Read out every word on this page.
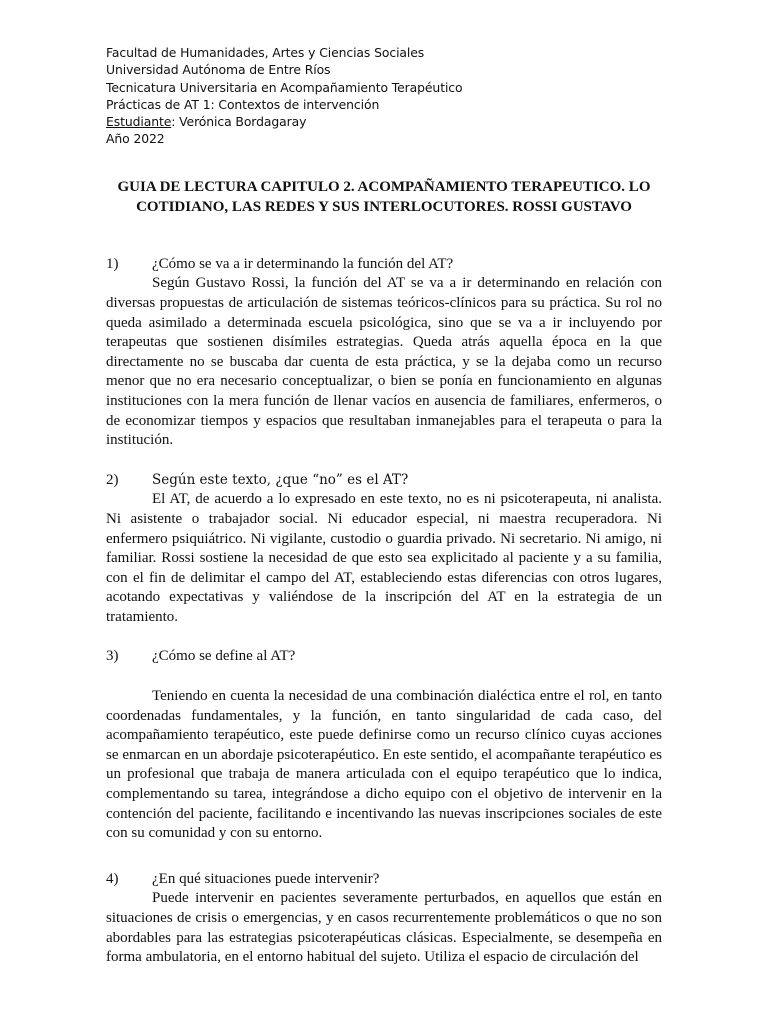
Facultad de Humanidades, Artes y Ciencias Sociales
Universidad Autónoma de Entre Ríos
Tecnicatura Universitaria en Acompañamiento Terapéutico
Prácticas de AT 1: Contextos de intervención
Estudiante: Verónica Bordagaray
Año 2022
GUIA DE LECTURA CAPITULO 2. ACOMPAÑAMIENTO TERAPEUTICO. LO COTIDIANO, LAS REDES Y SUS INTERLOCUTORES. ROSSI GUSTAVO
1)	¿Cómo se va a ir determinando la función del AT?

Según Gustavo Rossi, la función del AT se va a ir determinando en relación con diversas propuestas de articulación de sistemas teóricos-clínicos para su práctica. Su rol no queda asimilado a determinada escuela psicológica, sino que se va a ir incluyendo por terapeutas que sostienen disímiles estrategias. Queda atrás aquella época en la que directamente no se buscaba dar cuenta de esta práctica, y se la dejaba como un recurso menor que no era necesario conceptualizar, o bien se ponía en funcionamiento en algunas instituciones con la mera función de llenar vacíos en ausencia de familiares, enfermeros, o de economizar tiempos y espacios que resultaban inmanejables para el terapeuta o para la institución.

2)	Según este texto, ¿que “no” es el AT?

El AT, de acuerdo a lo expresado en este texto, no es ni psicoterapeuta, ni analista. Ni asistente o trabajador social. Ni educador especial, ni maestra recuperadora. Ni enfermero psiquiátrico. Ni vigilante, custodio o guardia privado. Ni secretario. Ni amigo, ni familiar. Rossi sostiene la necesidad de que esto sea explicitado al paciente y a su familia, con el fin de delimitar el campo del AT, estableciendo estas diferencias con otros lugares, acotando expectativas y valiéndose de la inscripción del AT en la estrategia de un tratamiento.

3)	¿Cómo se define al AT?

Teniendo en cuenta la necesidad de una combinación dialéctica entre el rol, en tanto coordenadas fundamentales, y la función, en tanto singularidad de cada caso, del acompañamiento terapéutico, este puede definirse como un recurso clínico cuyas acciones se enmarcan en un abordaje psicoterapéutico. En este sentido, el acompañante terapéutico es un profesional que trabaja de manera articulada con el equipo terapéutico que lo indica, complementando su tarea, integrándose a dicho equipo con el objetivo de intervenir en la contención del paciente, facilitando e incentivando las nuevas inscripciones sociales de este con su comunidad y con su entorno.

4)	¿En qué situaciones puede intervenir?

Puede intervenir en pacientes severamente perturbados, en aquellos que están en situaciones de crisis o emergencias, y en casos recurrentemente problemáticos o que no son abordables para las estrategias psicoterapéuticas clásicas. Especialmente, se desempeña en forma ambulatoria, en el entorno habitual del sujeto. Utiliza el espacio de circulación del
